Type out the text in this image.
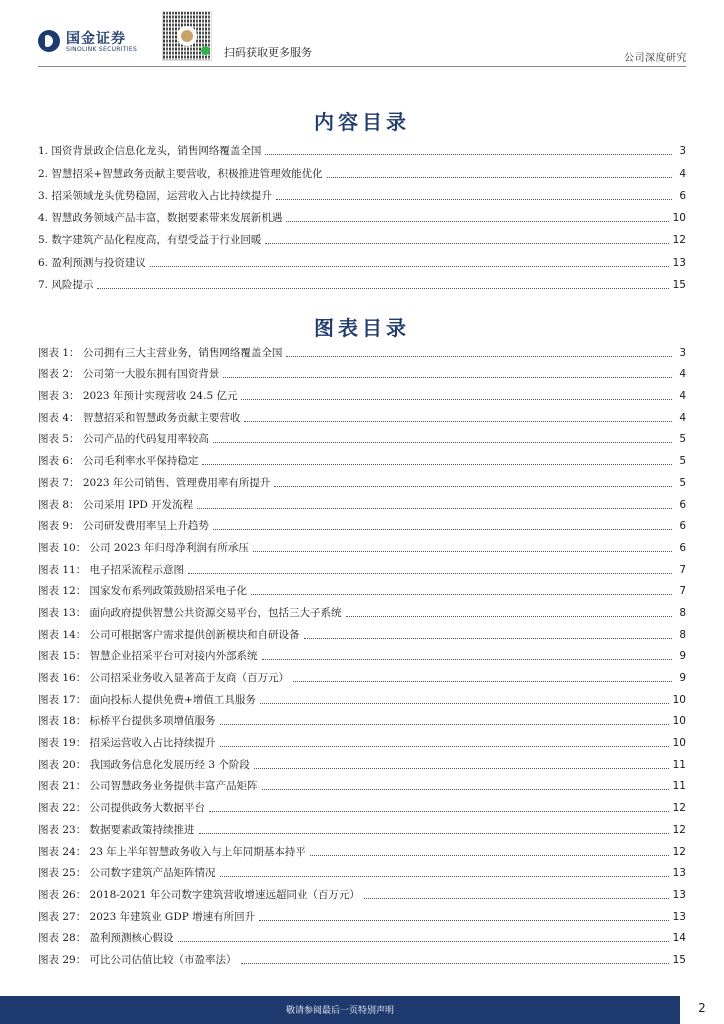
国金证券
SINOLINK SECURITIES	扫码获取更多服务	公司深度研究
内容目录
1. 国资背景政企信息化龙头，销售网络覆盖全国	3
2. 智慧招采+智慧政务贡献主要营收，积极推进管理效能优化	4
3. 招采领域龙头优势稳固，运营收入占比持续提升	6
4. 智慧政务领域产品丰富，数据要素带来发展新机遇	10
5. 数字建筑产品化程度高，有望受益于行业回暖	12
6. 盈利预测与投资建议	13
7. 风险提示	15
图表目录
图表 1： 公司拥有三大主营业务，销售网络覆盖全国	3
图表 2： 公司第一大股东拥有国资背景	4
图表 3： 2023 年预计实现营收 24.5 亿元	4
图表 4： 智慧招采和智慧政务贡献主要营收	4
图表 5： 公司产品的代码复用率较高	5
图表 6： 公司毛利率水平保持稳定	5
图表 7： 2023 年公司销售、管理费用率有所提升	5
图表 8： 公司采用 IPD 开发流程	6
图表 9： 公司研发费用率呈上升趋势	6
图表 10： 公司 2023 年归母净利润有所承压	6
图表 11： 电子招采流程示意图	7
图表 12： 国家发布系列政策鼓励招采电子化	7
图表 13： 面向政府提供智慧公共资源交易平台，包括三大子系统	8
图表 14： 公司可根据客户需求提供创新模块和自研设备	8
图表 15： 智慧企业招采平台可对接内外部系统	9
图表 16： 公司招采业务收入显著高于友商（百万元）	9
图表 17： 面向投标人提供免费+增值工具服务	10
图表 18： 标桥平台提供多项增值服务	10
图表 19： 招采运营收入占比持续提升	10
图表 20： 我国政务信息化发展历经 3 个阶段	11
图表 21： 公司智慧政务业务提供丰富产品矩阵	11
图表 22： 公司提供政务大数据平台	12
图表 23： 数据要素政策持续推进	12
图表 24： 23 年上半年智慧政务收入与上年同期基本持平	12
图表 25： 公司数字建筑产品矩阵情况	13
图表 26： 2018-2021 年公司数字建筑营收增速远超同业（百万元）	13
图表 27： 2023 年建筑业 GDP 增速有所回升	13
图表 28： 盈利预测核心假设	14
图表 29： 可比公司估值比较（市盈率法）	15
敬请参阅最后一页特别声明	2
